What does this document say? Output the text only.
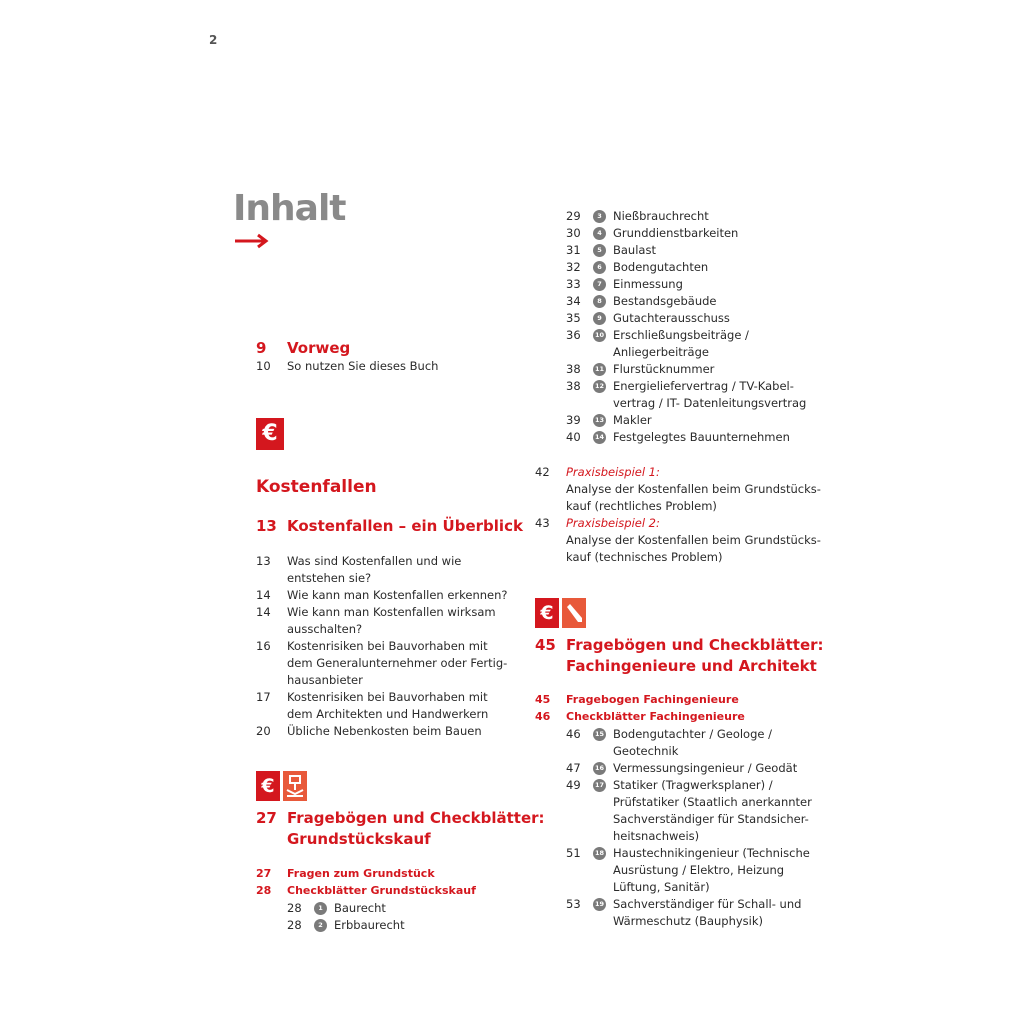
2
Inhalt
9 Vorweg
10	So nutzen Sie dieses Buch
€
Kostenfallen
13 Kostenfallen – ein Überblick
13	Was sind Kostenfallen und wie
entstehen sie?
14	Wie kann man Kostenfallen erkennen?
14	Wie kann man Kostenfallen wirksam
ausschalten?
16	Kostenrisiken bei Bauvorhaben mit
dem Generalunternehmer oder Fertig-
hausanbieter
17	Kostenrisiken bei Bauvorhaben mit
dem Architekten und Handwerkern
20	Übliche Nebenkosten beim Bauen
€
27 Fragebögen und Checkblätter:
Grundstückskauf
27 Fragen zum Grundstück
28 Checkblätter Grundstückskauf
28	1 Baurecht
28	2 Erbbaurecht
29	3 Nießbrauchrecht
30	4 Grunddienstbarkeiten
31	5 Baulast
32	6 Bodengutachten
33	7 Einmessung
34	8 Bestandsgebäude
35	9 Gutachterausschuss
36	10 Erschließungsbeiträge /
Anliegerbeiträge
38	11 Flurstücknummer
38	12 Energieliefervertrag / TV-Kabel-
vertrag / IT- Datenleitungsvertrag
39	13 Makler
40	14 Festgelegtes Bauunternehmen
42 Praxisbeispiel 1:
Analyse der Kostenfallen beim Grundstücks-
kauf (rechtliches Problem)
43 Praxisbeispiel 2:
Analyse der Kostenfallen beim Grundstücks-
kauf (technisches Problem)
€
45 Fragebögen und Checkblätter:
Fachingenieure und Architekt
45 Fragebogen Fachingenieure
46 Checkblätter Fachingenieure
46	15 Bodengutachter / Geologe /
Geotechnik
47	16 Vermessungsingenieur / Geodät
49	17 Statiker (Tragwerksplaner) /
Prüfstatiker (Staatlich anerkannter
Sachverständiger für Standsicher-
heitsnachweis)
51	18 Haustechnikingenieur (Technische
Ausrüstung / Elektro, Heizung
Lüftung, Sanitär)
53	19 Sachverständiger für Schall- und
Wärmeschutz (Bauphysik)
